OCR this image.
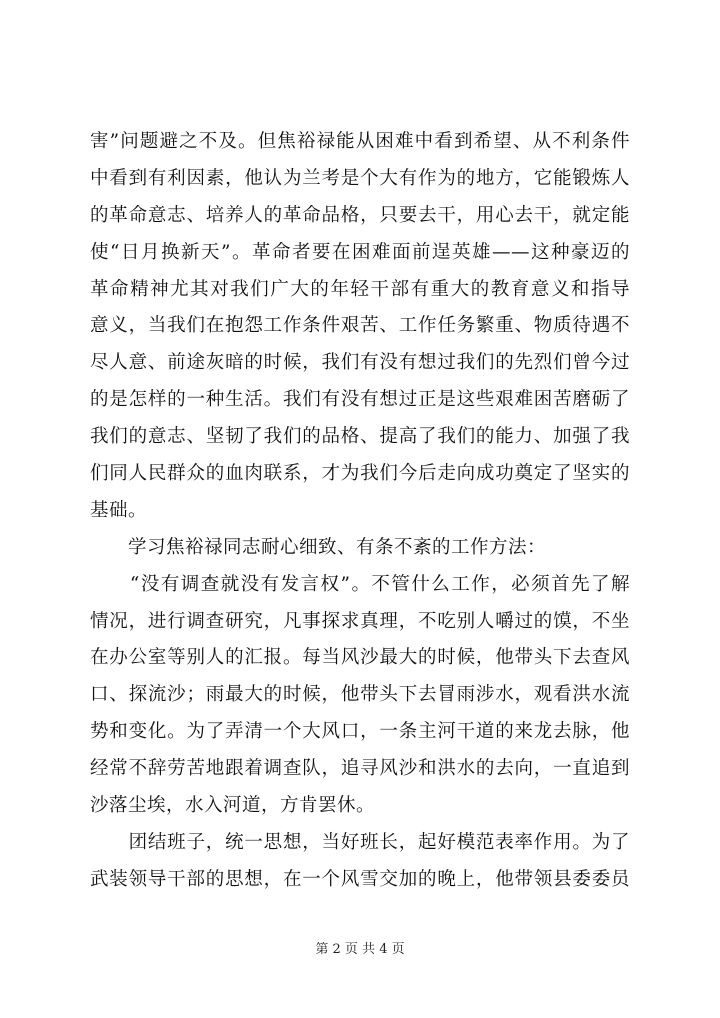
害”问题避之不及。但焦裕禄能从困难中看到希望、从不利条件
中看到有利因素，他认为兰考是个大有作为的地方，它能锻炼人
的革命意志、培养人的革命品格，只要去干，用心去干，就定能
使“日月换新天”。革命者要在困难面前逞英雄——这种豪迈的
革命精神尤其对我们广大的年轻干部有重大的教育意义和指导
意义，当我们在抱怨工作条件艰苦、工作任务繁重、物质待遇不
尽人意、前途灰暗的时候，我们有没有想过我们的先烈们曾今过
的是怎样的一种生活。我们有没有想过正是这些艰难困苦磨砺了
我们的意志、坚韧了我们的品格、提高了我们的能力、加强了我
们同人民群众的血肉联系，才为我们今后走向成功奠定了坚实的
基础。
　　学习焦裕禄同志耐心细致、有条不紊的工作方法：
　　“没有调查就没有发言权”。不管什么工作，必须首先了解
情况，进行调查研究，凡事探求真理，不吃别人嚼过的馍，不坐
在办公室等别人的汇报。每当风沙最大的时候，他带头下去查风
口、探流沙；雨最大的时候，他带头下去冒雨涉水，观看洪水流
势和变化。为了弄清一个大风口，一条主河干道的来龙去脉，他
经常不辞劳苦地跟着调查队，追寻风沙和洪水的去向，一直追到
沙落尘埃，水入河道，方肯罢休。
　　团结班子，统一思想，当好班长，起好模范表率作用。为了
武装领导干部的思想，在一个风雪交加的晚上，他带领县委委员
第 2 页 共 4 页
